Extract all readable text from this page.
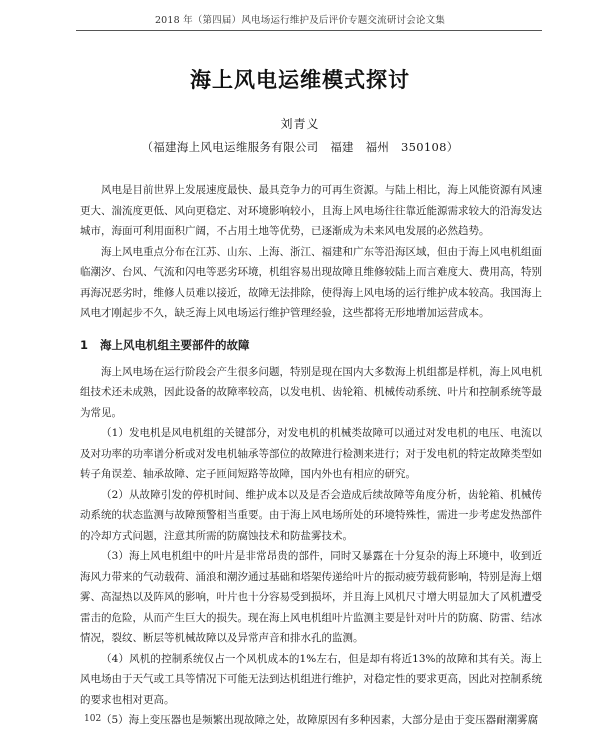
2018 年（第四届）风电场运行维护及后评价专题交流研讨会论文集
海上风电运维模式探讨
刘青义
（福建海上风电运维服务有限公司　福建　福州　350108）

风电是目前世界上发展速度最快、最具竞争力的可再生资源。与陆上相比，海上风能资源有风速更大、湍流度更低、风向更稳定、对环境影响较小，且海上风电场往往靠近能源需求较大的沿海发达城市，海面可利用面积广阔，不占用土地等优势，已逐渐成为未来风电发展的必然趋势。

海上风电重点分布在江苏、山东、上海、浙江、福建和广东等沿海区域，但由于海上风电机组面临潮汐、台风、气流和闪电等恶劣环境，机组容易出现故障且维修较陆上而言难度大、费用高，特别再海况恶劣时，维修人员难以接近，故障无法排除，使得海上风电场的运行维护成本较高。我国海上风电才刚起步不久，缺乏海上风电场运行维护管理经验，这些都将无形地增加运营成本。

1 海上风电机组主要部件的故障

海上风电场在运行阶段会产生很多问题，特别是现在国内大多数海上机组都是样机，海上风电机组技术还未成熟，因此设备的故障率较高，以发电机、齿轮箱、机械传动系统、叶片和控制系统等最为常见。

（1）发电机是风电机组的关键部分，对发电机的机械类故障可以通过对发电机的电压、电流以及对功率的功率谱分析或对发电机轴承等部位的故障进行检测来进行；对于发电机的特定故障类型如转子角误差、轴承故障、定子匝间短路等故障，国内外也有相应的研究。

（2）从故障引发的停机时间、维护成本以及是否会造成后续故障等角度分析，齿轮箱、机械传动系统的状态监测与故障预警相当重要。由于海上风电场所处的环境特殊性，需进一步考虑发热部件的冷却方式问题，注意其所需的防腐蚀技术和防盐雾技术。

（3）海上风电机组中的叶片是非常昂贵的部件，同时又暴露在十分复杂的海上环境中，收到近海风力带来的气动载荷、涌浪和潮汐通过基础和塔架传递给叶片的振动疲劳载荷影响，特别是海上烟雾、高湿热以及阵风的影响，叶片也十分容易受到损坏，并且海上风机尺寸增大明显加大了风机遭受雷击的危险，从而产生巨大的损失。现在海上风电机组叶片监测主要是针对叶片的防腐、防雷、结冰情况，裂纹、断层等机械故障以及异常声音和排水孔的监测。

（4）风机的控制系统仅占一个风机成本的1%左右，但是却有将近13%的故障和其有关。海上风电场由于天气或工具等情况下可能无法到达机组进行维护，对稳定性的要求更高，因此对控制系统的要求也相对更高。

（5）海上变压器也是频繁出现故障之处，故障原因有多种因素，大部分是由于变压器耐潮雾腐

102
